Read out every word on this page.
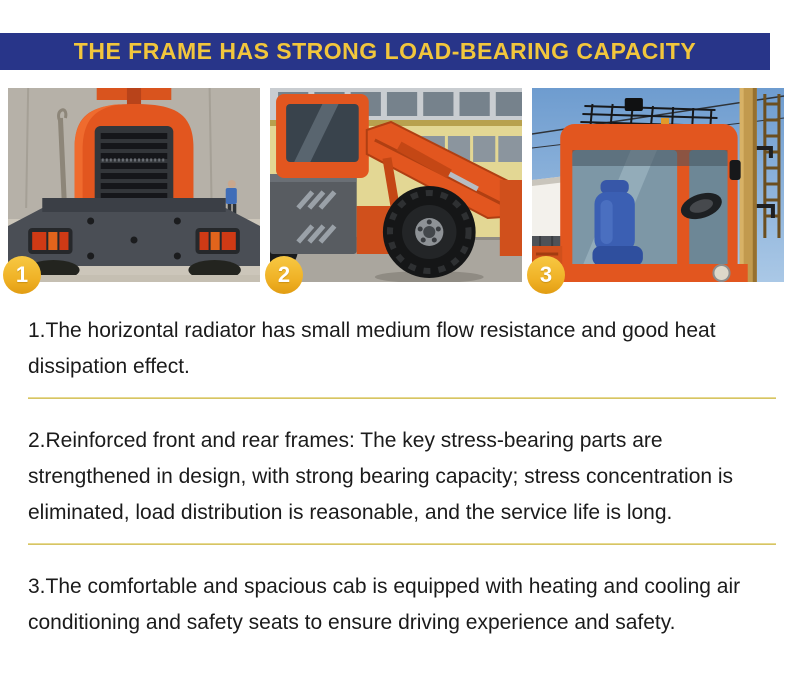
THE FRAME HAS STRONG LOAD-BEARING CAPACITY
1	2	3

1.The horizontal radiator has small medium flow resistance and good heat dissipation effect.

2.Reinforced front and rear frames: The key stress-bearing parts are strengthened in design, with strong bearing capacity; stress concentration is eliminated, load distribution is reasonable, and the service life is long.

3.The comfortable and spacious cab is equipped with heating and cooling air conditioning and safety seats to ensure driving experience and safety.
